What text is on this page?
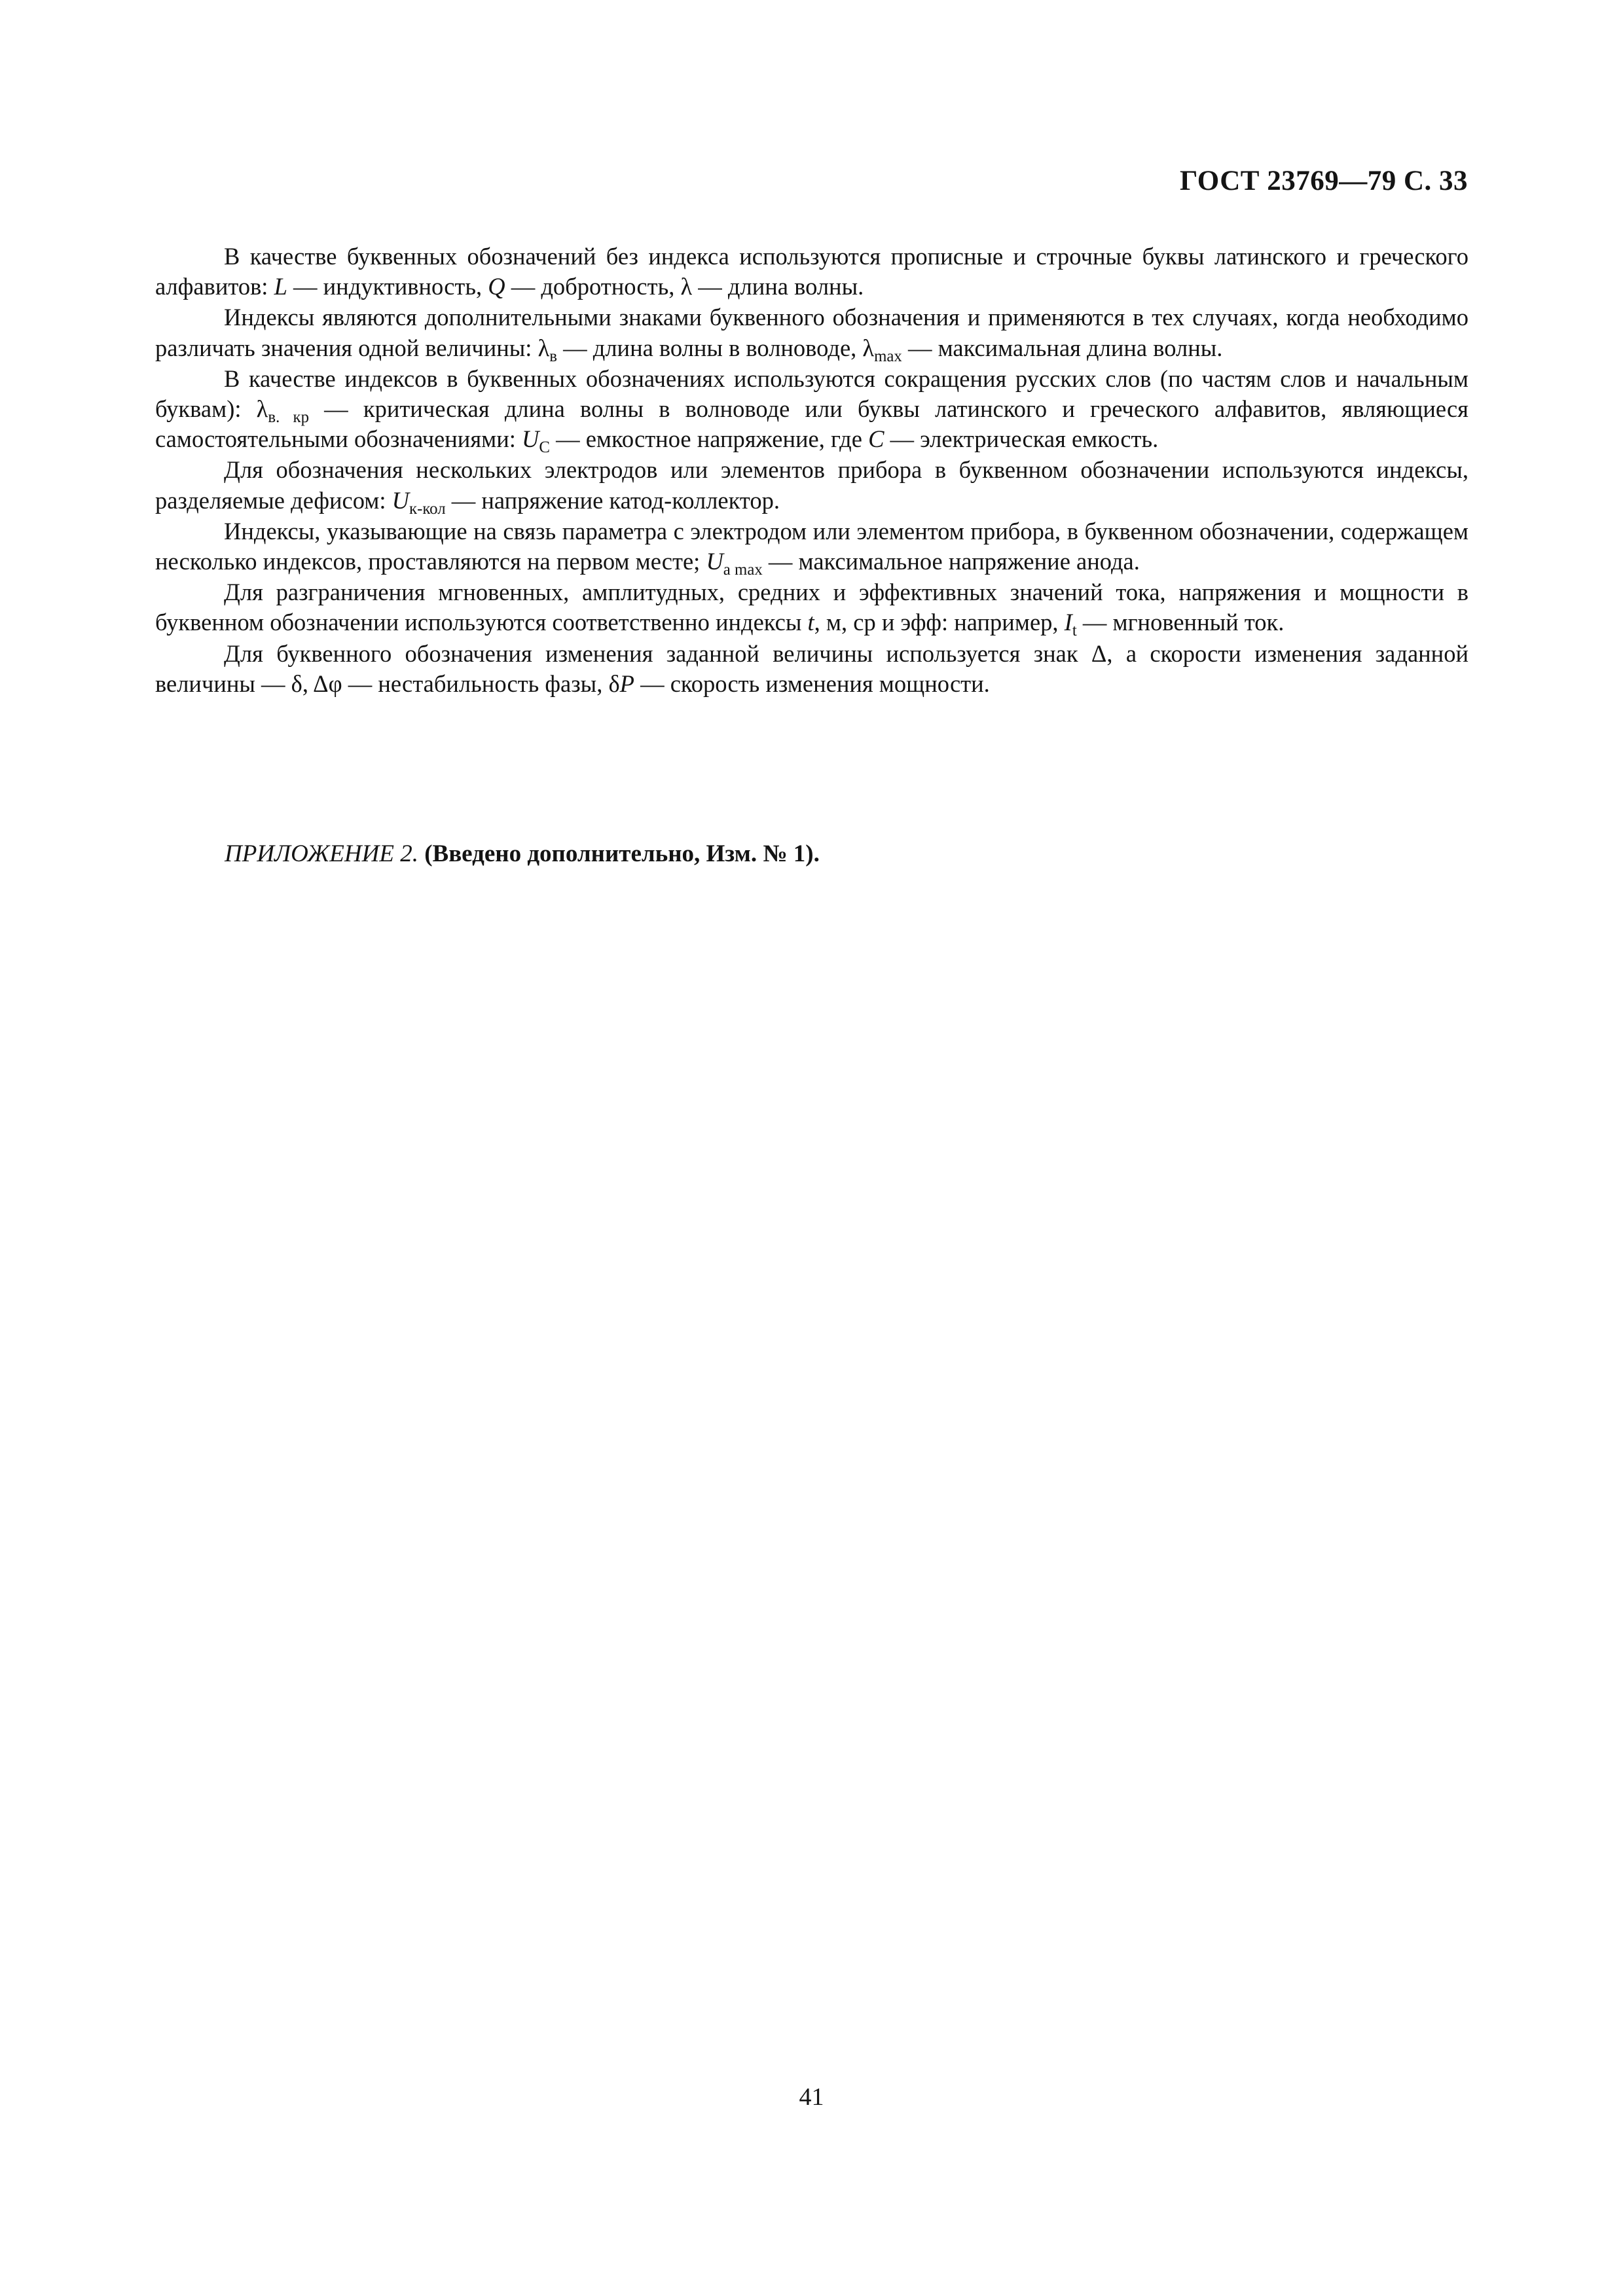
ГОСТ 23769—79 С. 33

В качестве буквенных обозначений без индекса используются прописные и строчные буквы латинского и греческого алфавитов: L — индуктивность, Q — добротность, λ — длина волны.

Индексы являются дополнительными знаками буквенного обозначения и применяются в тех случаях, когда необходимо различать значения одной величины: $\lambda_в$ — длина волны в волноводе, $\lambda_{max}$ — максимальная длина волны.

В качестве индексов в буквенных обозначениях используются сокращения русских слов (по частям слов и начальным буквам): $\lambda_{в. кр}$ — критическая длина волны в волноводе или буквы латинского и греческого алфавитов, являющиеся самостоятельными обозначениями: $U_C$ — емкостное напряжение, где C — электрическая емкость.

Для обозначения нескольких электродов или элементов прибора в буквенном обозначении используются индексы, разделяемые дефисом: $U_{к-кол}$ — напряжение катод-коллектор.

Индексы, указывающие на связь параметра с электродом или элементом прибора, в буквенном обозначении, содержащем несколько индексов, проставляются на первом месте; $U_{a max}$ — максимальное напряжение анода.

Для разграничения мгновенных, амплитудных, средних и эффективных значений тока, напряжения и мощности в буквенном обозначении используются соответственно индексы t, м, ср и эфф: например, $I_t$ — мгновенный ток.

Для буквенного обозначения изменения заданной величины используется знак Δ, а скорости изменения заданной величины — δ, Δφ — нестабильность фазы, δP — скорость изменения мощности.

ПРИЛОЖЕНИЕ 2. (Введено дополнительно, Изм. № 1).
41
